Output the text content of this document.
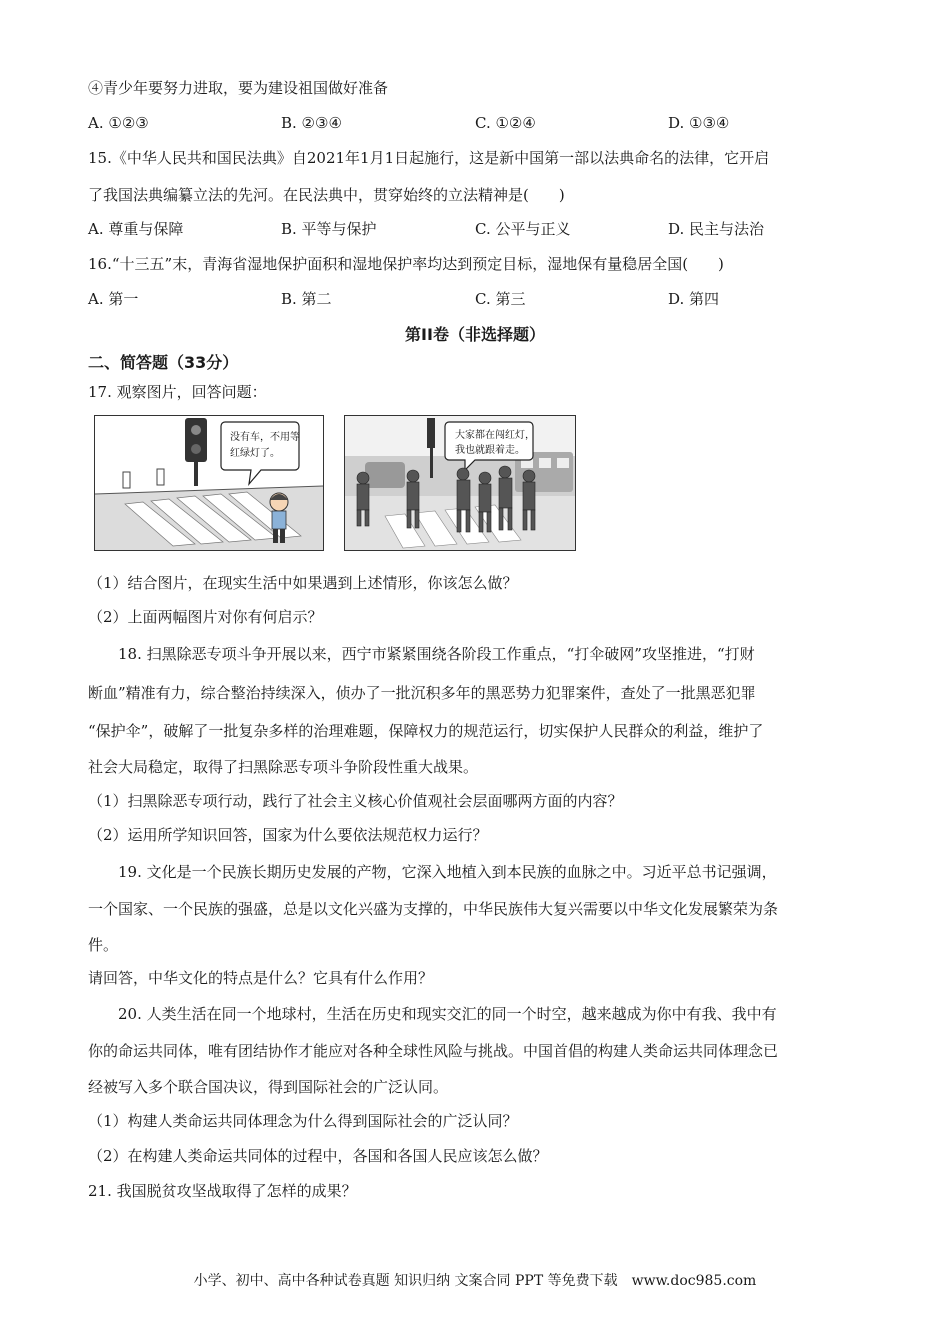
④青少年要努力进取，要为建设祖国做好准备
A. ①②③	B. ②③④	C. ①②④	D. ①③④
15.《中华人民共和国民法典》自2021年1月1日起施行，这是新中国第一部以法典命名的法律，它开启
了我国法典编纂立法的先河。在民法典中，贯穿始终的立法精神是(　　)
A. 尊重与保障	B. 平等与保护	C. 公平与正义	D. 民主与法治
16.“十三五”末，青海省湿地保护面积和湿地保护率均达到预定目标，湿地保有量稳居全国(　　)
A. 第一	B. 第二	C. 第三	D. 第四
第II卷（非选择题）
二、简答题（33分）
17. 观察图片，回答问题：
没有车，不用等
红绿灯了。
大家都在闯红灯，
我也就跟着走。
（1）结合图片，在现实生活中如果遇到上述情形，你该怎么做？
（2）上面两幅图片对你有何启示？
18. 扫黑除恶专项斗争开展以来，西宁市紧紧围绕各阶段工作重点，“打伞破网”攻坚推进，“打财
断血”精准有力，综合整治持续深入，侦办了一批沉积多年的黑恶势力犯罪案件，查处了一批黑恶犯罪
“保护伞”，破解了一批复杂多样的治理难题，保障权力的规范运行，切实保护人民群众的利益，维护了
社会大局稳定，取得了扫黑除恶专项斗争阶段性重大战果。
（1）扫黑除恶专项行动，践行了社会主义核心价值观社会层面哪两方面的内容？
（2）运用所学知识回答，国家为什么要依法规范权力运行？
19. 文化是一个民族长期历史发展的产物，它深入地植入到本民族的血脉之中。习近平总书记强调，
一个国家、一个民族的强盛，总是以文化兴盛为支撑的，中华民族伟大复兴需要以中华文化发展繁荣为条
件。
请回答，中华文化的特点是什么？它具有什么作用？
20. 人类生活在同一个地球村，生活在历史和现实交汇的同一个时空，越来越成为你中有我、我中有
你的命运共同体，唯有团结协作才能应对各种全球性风险与挑战。中国首倡的构建人类命运共同体理念已
经被写入多个联合国决议，得到国际社会的广泛认同。
（1）构建人类命运共同体理念为什么得到国际社会的广泛认同？
（2）在构建人类命运共同体的过程中，各国和各国人民应该怎么做？
21. 我国脱贫攻坚战取得了怎样的成果？
小学、初中、高中各种试卷真题 知识归纳 文案合同 PPT 等免费下载　www.doc985.com
